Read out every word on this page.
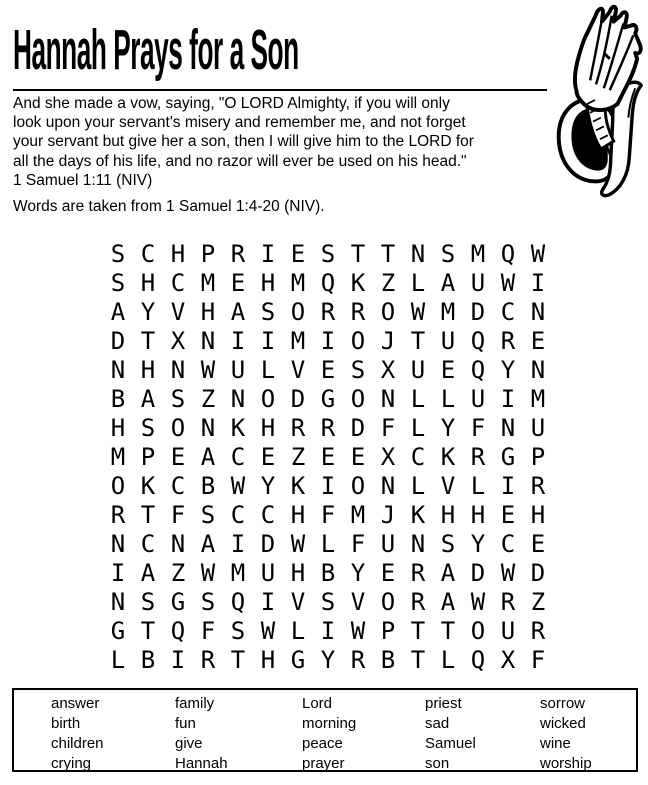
Hannah Prays for a Son
And she made a vow, saying, "O LORD Almighty, if you will only
look upon your servant's misery and remember me, and not forget
your servant but give her a son, then I will give him to the LORD for
all the days of his life, and no razor will ever be used on his head."
1 Samuel 1:11 (NIV)
Words are taken from 1 Samuel 1:4-20 (NIV).
S C H P R I E S T T N S M Q W
S H C M E H M Q K Z L A U W I
A Y V H A S O R R O W M D C N
D T X N I I M I O J T U Q R E
N H N W U L V E S X U E Q Y N
B A S Z N O D G O N L L U I M
H S O N K H R R D F L Y F N U
M P E A C E Z E E X C K R G P
O K C B W Y K I O N L V L I R
R T F S C C H F M J K H H E H
N C N A I D W L F U N S Y C E
I A Z W M U H B Y E R A D W D
N S G S Q I V S V O R A W R Z
G T Q F S W L I W P T T O U R
L B I R T H G Y R B T L Q X F
answer
birth
children
crying
family
fun
give
Hannah
Lord
morning
peace
prayer
priest
sad
Samuel
son
sorrow
wicked
wine
worship
